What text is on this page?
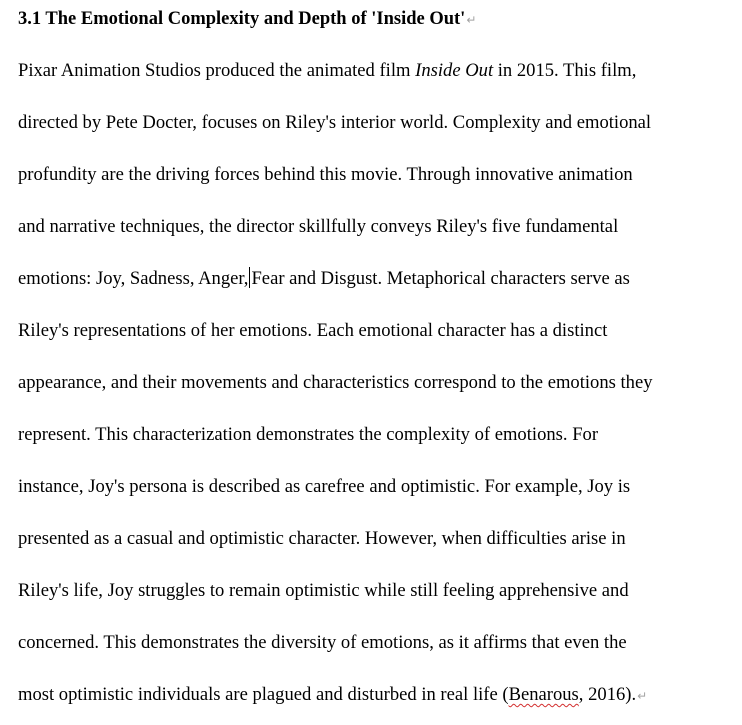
3.1 The Emotional Complexity and Depth of 'Inside Out'↵
Pixar Animation Studios produced the animated film Inside Out in 2015. This film,
directed by Pete Docter, focuses on Riley's interior world. Complexity and emotional
profundity are the driving forces behind this movie. Through innovative animation
and narrative techniques, the director skillfully conveys Riley's five fundamental
emotions: Joy, Sadness, Anger, Fear and Disgust. Metaphorical characters serve as
Riley's representations of her emotions. Each emotional character has a distinct
appearance, and their movements and characteristics correspond to the emotions they
represent. This characterization demonstrates the complexity of emotions. For
instance, Joy's persona is described as carefree and optimistic. For example, Joy is
presented as a casual and optimistic character. However, when difficulties arise in
Riley's life, Joy struggles to remain optimistic while still feeling apprehensive and
concerned. This demonstrates the diversity of emotions, as it affirms that even the
most optimistic individuals are plagued and disturbed in real life (Benarous, 2016).↵
